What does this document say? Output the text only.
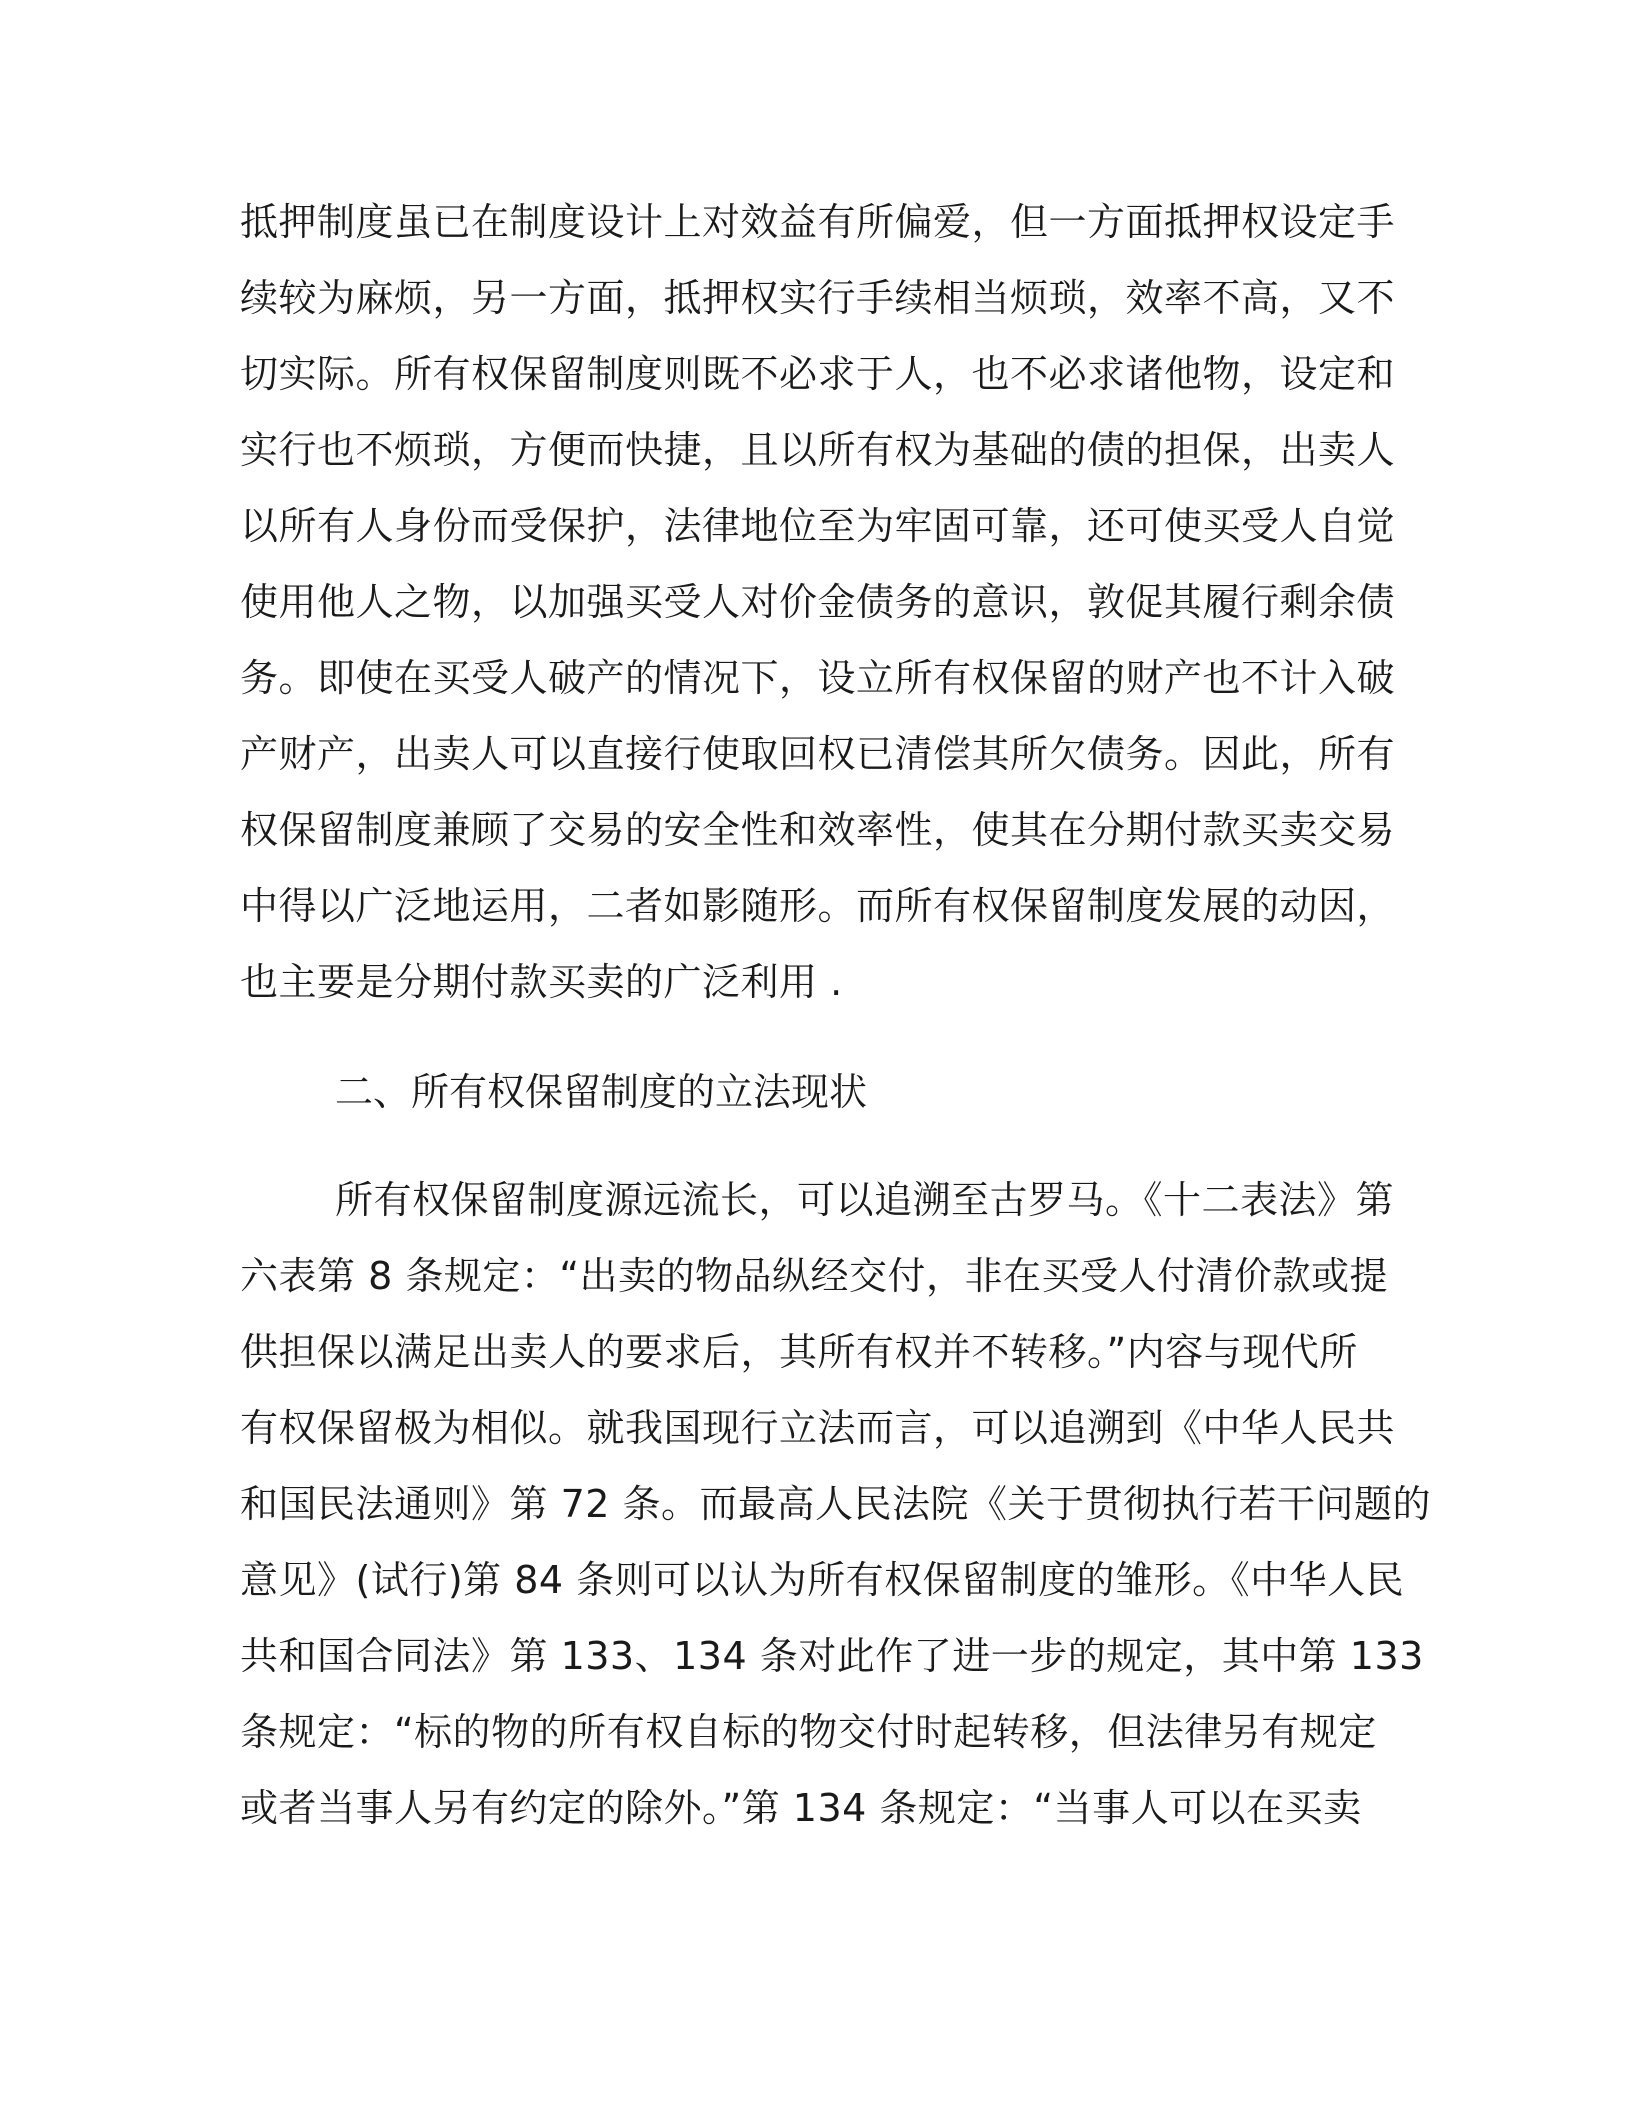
抵押制度虽已在制度设计上对效益有所偏爱，但一方面抵押权设定手
续较为麻烦，另一方面，抵押权实行手续相当烦琐，效率不高，又不
切实际。所有权保留制度则既不必求于人，也不必求诸他物，设定和
实行也不烦琐，方便而快捷，且以所有权为基础的债的担保，出卖人
以所有人身份而受保护，法律地位至为牢固可靠，还可使买受人自觉
使用他人之物，以加强买受人对价金债务的意识，敦促其履行剩余债
务。即使在买受人破产的情况下，设立所有权保留的财产也不计入破
产财产，出卖人可以直接行使取回权已清偿其所欠债务。因此，所有
权保留制度兼顾了交易的安全性和效率性，使其在分期付款买卖交易
中得以广泛地运用，二者如影随形。而所有权保留制度发展的动因，
也主要是分期付款买卖的广泛利用 .
二、所有权保留制度的立法现状
所有权保留制度源远流长，可以追溯至古罗马。《十二表法》第
六表第 8 条规定：“出卖的物品纵经交付，非在买受人付清价款或提
供担保以满足出卖人的要求后，其所有权并不转移。”内容与现代所
有权保留极为相似。就我国现行立法而言，可以追溯到《中华人民共
和国民法通则》第 72 条。而最高人民法院《关于贯彻执行若干问题的
意见》(试行)第 84 条则可以认为所有权保留制度的雏形。《中华人民
共和国合同法》第 133、134 条对此作了进一步的规定，其中第 133
条规定：“标的物的所有权自标的物交付时起转移，但法律另有规定
或者当事人另有约定的除外。”第 134 条规定：“当事人可以在买卖
